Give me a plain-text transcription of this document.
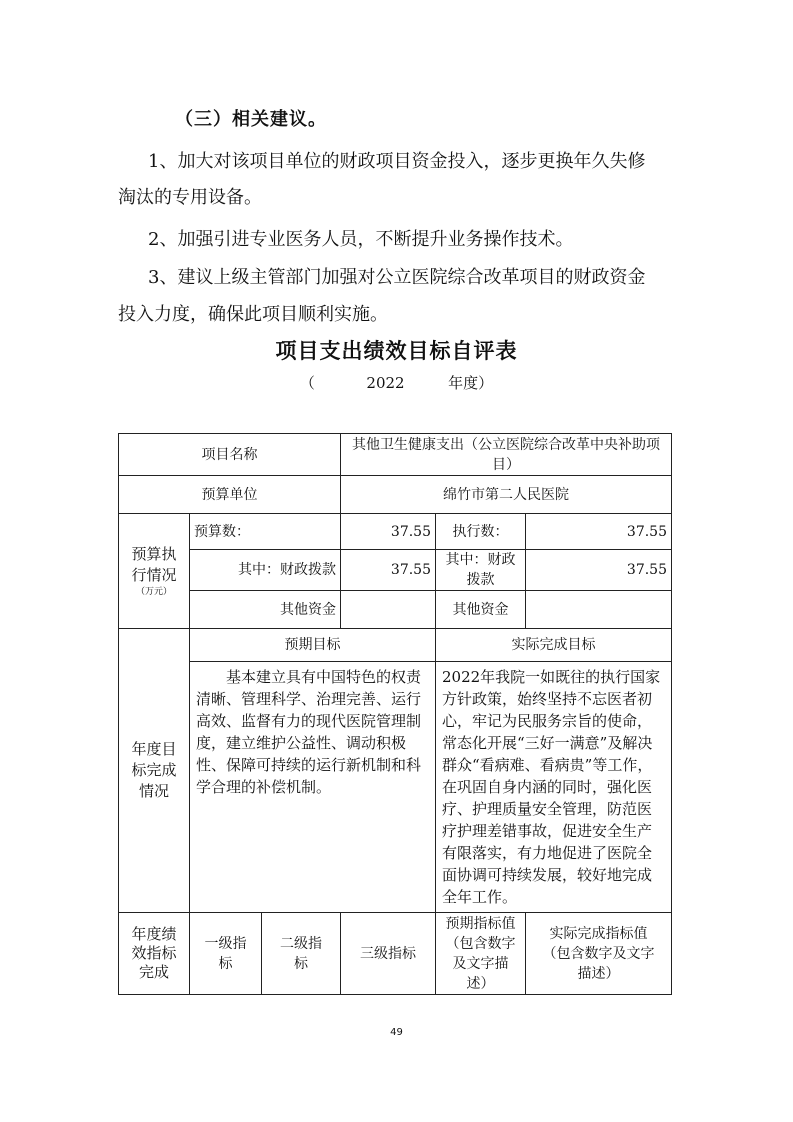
（三）相关建议。
1、加大对该项目单位的财政项目资金投入，逐步更换年久失修
淘汰的专用设备。
2、加强引进专业医务人员，不断提升业务操作技术。
3、建议上级主管部门加强对公立医院综合改革项目的财政资金
投入力度，确保此项目顺利实施。
项目支出绩效目标自评表
（	2022	年度）
项目名称			其他卫生健康支出（公立医院综合改革中央补助项目）		
预算单位			绵竹市第二人民医院		

预算执行情况
（万元）	预算数：		37.55	执行数：	37.55
	其中：财政拨款		37.55	其中：财政拨款	37.55
	其他资金			其他资金	
年度目标完成情况	预期目标			实际完成目标	
	基本建立具有中国特色的权责清晰、管理科学、治理完善、运行高效、监督有力的现代医院管理制度，建立维护公益性、调动积极性、保障可持续的运行新机制和科学合理的补偿机制。			2022年我院一如既往的执行国家方针政策，始终坚持不忘医者初心，牢记为民服务宗旨的使命，常态化开展“三好一满意”及解决群众“看病难、看病贵”等工作，在巩固自身内涵的同时，强化医疗、护理质量安全管理，防范医疗护理差错事故，促进安全生产有限落实，有力地促进了医院全面协调可持续发展，较好地完成全年工作。	
年度绩效指标完成	一级指标	二级指标	三级指标	预期指标值（包含数字及文字描述）	实际完成指标值（包含数字及文字描述）
49
